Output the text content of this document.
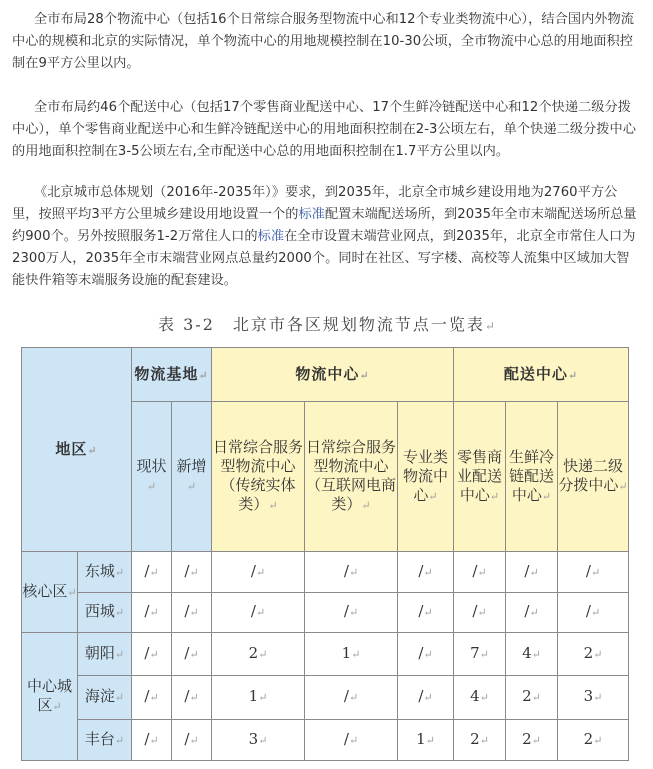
全市布局28个物流中心（包括16个日常综合服务型物流中心和12个专业类物流中心），结合国内外物流中心的规模和北京的实际情况，单个物流中心的用地规模控制在10-30公顷，全市物流中心总的用地面积控制在9平方公里以内。

全市布局约46个配送中心（包括17个零售商业配送中心、17个生鲜冷链配送中心和12个快递二级分拨中心），单个零售商业配送中心和生鲜冷链配送中心的用地面积控制在2-3公顷左右，单个快递二级分拨中心的用地面积控制在3-5公顷左右,全市配送中心总的用地面积控制在1.7平方公里以内。

《北京城市总体规划（2016年-2035年）》要求，到2035年，北京全市城乡建设用地为2760平方公里，按照平均3平方公里城乡建设用地设置一个的标准配置末端配送场所，到2035年全市末端配送场所总量约900个。另外按照服务1-2万常住人口的标准在全市设置末端营业网点，到2035年，北京全市常住人口为2300万人，2035年全市末端营业网点总量约2000个。同时在社区、写字楼、高校等人流集中区域加大智能快件箱等末端服务设施的配套建设。

表 3-2　北京市各区规划物流节点一览表↵
地区↵		物流基地↵		物流中心↵			配送中心↵		
		现状↵	新增↵	日常综合服务型物流中心（传统实体类）↵	日常综合服务型物流中心（互联网电商类）↵	专业类物流中心↵	零售商业配送中心↵	生鲜冷链配送中心↵	快递二级分拨中心↵

核心区↵	东城↵	/↵	/↵	/↵	/↵	/↵	/↵	/↵	/↵
	西城↵	/↵	/↵	/↵	/↵	/↵	/↵	/↵	/↵
中心城区↵	朝阳↵	/↵	/↵	2↵	1↵	/↵	7↵	4↵	2↵
	海淀↵	/↵	/↵	1↵	/↵	/↵	4↵	2↵	3↵
	丰台↵	/↵	/↵	3↵	/↵	1↵	2↵	2↵	2↵
